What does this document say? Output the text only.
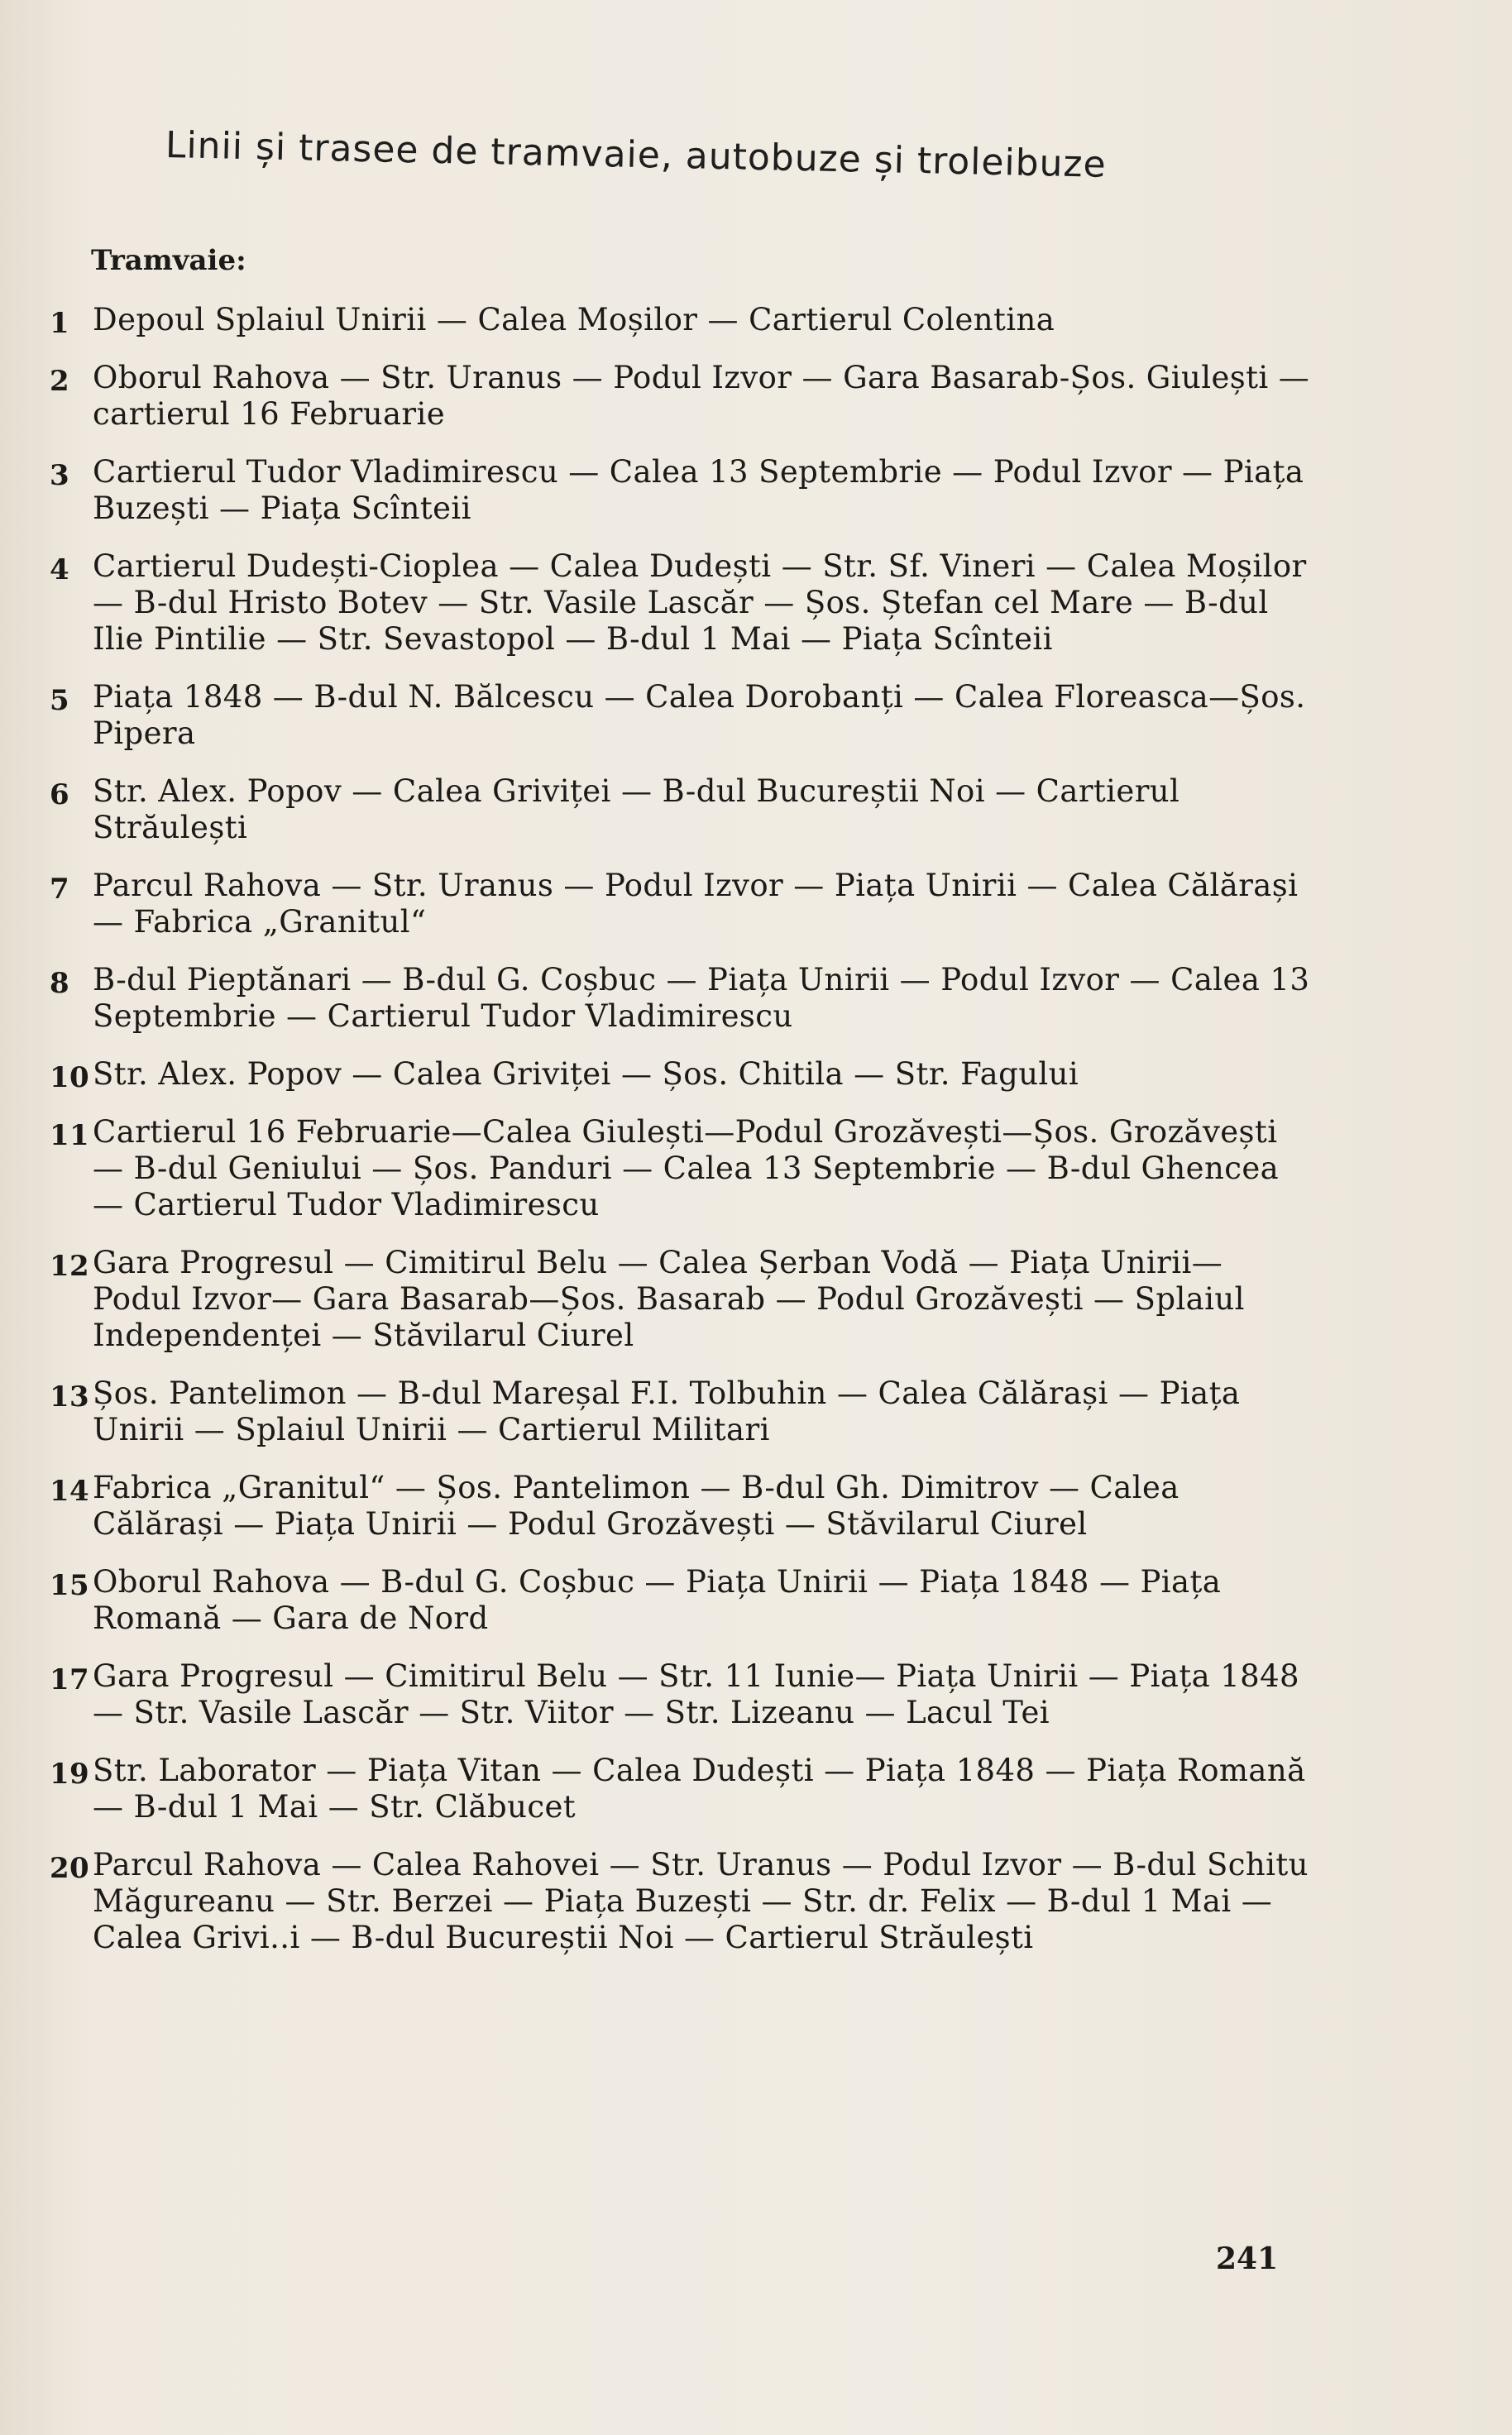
Linii și trasee de tramvaie, autobuze și troleibuze
Tramvaie:
1 Depoul Splaiul Unirii — Calea Moșilor — Cartierul Colentina
2 Oborul Rahova — Str. Uranus — Podul Izvor — Gara Basarab-Șos. Giulești — cartierul 16 Februarie
3 Cartierul Tudor Vladimirescu — Calea 13 Septembrie — Podul Izvor — Piața Buzești — Piața Scînteii
4 Cartierul Dudești-Cioplea — Calea Dudești — Str. Sf. Vineri — Calea Moșilor — B-dul Hristo Botev — Str. Vasile Lascăr — Șos. Ștefan cel Mare — B-dul Ilie Pintilie — Str. Sevastopol — B-dul 1 Mai — Piața Scînteii
5 Piața 1848 — B-dul N. Bălcescu — Calea Dorobanți — Calea Floreasca—Șos. Pipera
6 Str. Alex. Popov — Calea Griviței — B-dul Bucureștii Noi — Cartierul Străulești
7 Parcul Rahova — Str. Uranus — Podul Izvor — Piața Unirii — Calea Călărași — Fabrica „Granitul“
8 B-dul Pieptănari — B-dul G. Coșbuc — Piața Unirii — Podul Izvor — Calea 13 Septembrie — Cartierul Tudor Vladimirescu
10 Str. Alex. Popov — Calea Griviței — Șos. Chitila — Str. Fagului
11 Cartierul 16 Februarie—Calea Giulești—Podul Grozăvești—Șos. Grozăvești — B-dul Geniului — Șos. Panduri — Calea 13 Septembrie — B-dul Ghencea — Cartierul Tudor Vladimirescu
12 Gara Progresul — Cimitirul Belu — Calea Șerban Vodă — Piața Unirii— Podul Izvor— Gara Basarab—Șos. Basarab — Podul Grozăvești — Splaiul Independenței — Stăvilarul Ciurel
13 Șos. Pantelimon — B-dul Mareșal F.I. Tolbuhin — Calea Călărași — Piața Unirii — Splaiul Unirii — Cartierul Militari
14 Fabrica „Granitul“ — Șos. Pantelimon — B-dul Gh. Dimitrov — Calea Călărași — Piața Unirii — Podul Grozăvești — Stăvilarul Ciurel
15 Oborul Rahova — B-dul G. Coșbuc — Piața Unirii — Piața 1848 — Piața Romană — Gara de Nord
17 Gara Progresul — Cimitirul Belu — Str. 11 Iunie— Piața Unirii — Piața 1848 — Str. Vasile Lascăr — Str. Viitor — Str. Lizeanu — Lacul Tei
19 Str. Laborator — Piața Vitan — Calea Dudești — Piața 1848 — Piața Romană — B-dul 1 Mai — Str. Clăbucet
20 Parcul Rahova — Calea Rahovei — Str. Uranus — Podul Izvor — B-dul Schitu Măgureanu — Str. Berzei — Piața Buzești — Str. dr. Felix — B-dul 1 Mai — Calea Grivi..i — B-dul Bucureștii Noi — Cartierul Străulești

241
